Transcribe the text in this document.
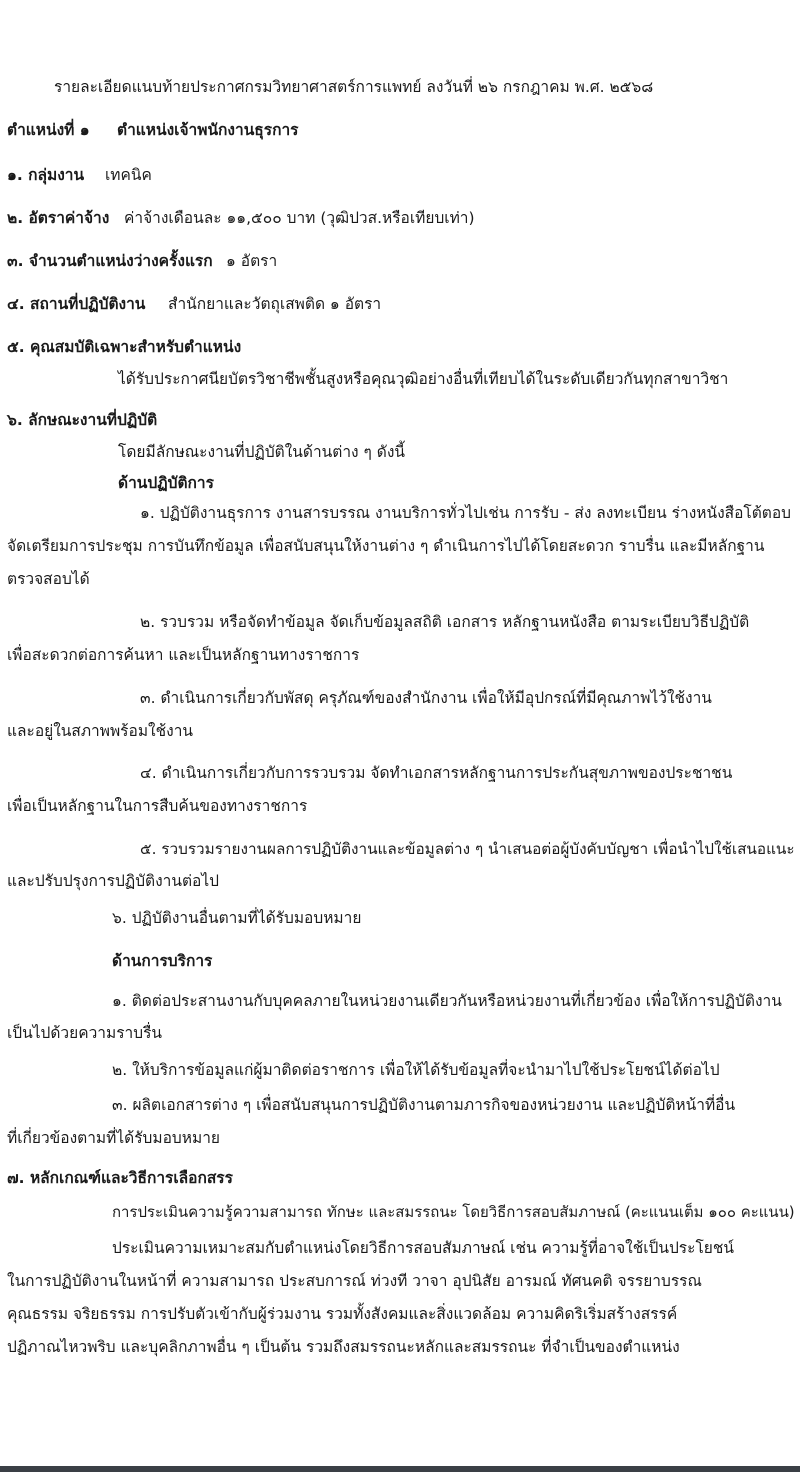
รายละเอียดแนบท้ายประกาศกรมวิทยาศาสตร์การแพทย์ ลงวันที่ ๒๖ กรกฎาคม พ.ศ. ๒๕๖๘
ตำแหน่งที่ ๑ ตำแหน่งเจ้าพนักงานธุรการ
๑. กลุ่มงาน เทคนิค
๒. อัตราค่าจ้าง ค่าจ้างเดือนละ ๑๑,๕๐๐ บาท (วุฒิปวส.หรือเทียบเท่า)
๓. จำนวนตำแหน่งว่างครั้งแรก ๑ อัตรา
๔. สถานที่ปฏิบัติงาน สำนักยาและวัตถุเสพติด ๑ อัตรา
๕. คุณสมบัติเฉพาะสำหรับตำแหน่ง
ได้รับประกาศนียบัตรวิชาชีพชั้นสูงหรือคุณวุฒิอย่างอื่นที่เทียบได้ในระดับเดียวกันทุกสาขาวิชา
๖. ลักษณะงานที่ปฏิบัติ
โดยมีลักษณะงานที่ปฏิบัติในด้านต่าง ๆ ดังนี้
ด้านปฏิบัติการ
๑. ปฏิบัติงานธุรการ งานสารบรรณ งานบริการทั่วไปเช่น การรับ - ส่ง ลงทะเบียน ร่างหนังสือโต้ตอบ
จัดเตรียมการประชุม การบันทึกข้อมูล เพื่อสนับสนุนให้งานต่าง ๆ ดำเนินการไปได้โดยสะดวก ราบรื่น และมีหลักฐาน
ตรวจสอบได้
๒. รวบรวม หรือจัดทำข้อมูล จัดเก็บข้อมูลสถิติ เอกสาร หลักฐานหนังสือ ตามระเบียบวิธีปฏิบัติ
เพื่อสะดวกต่อการค้นหา และเป็นหลักฐานทางราชการ
๓. ดำเนินการเกี่ยวกับพัสดุ ครุภัณฑ์ของสำนักงาน เพื่อให้มีอุปกรณ์ที่มีคุณภาพไว้ใช้งาน
และอยู่ในสภาพพร้อมใช้งาน
๔. ดำเนินการเกี่ยวกับการรวบรวม จัดทำเอกสารหลักฐานการประกันสุขภาพของประชาชน
เพื่อเป็นหลักฐานในการสืบค้นของทางราชการ
๕. รวบรวมรายงานผลการปฏิบัติงานและข้อมูลต่าง ๆ นำเสนอต่อผู้บังคับบัญชา เพื่อนำไปใช้เสนอแนะ
และปรับปรุงการปฏิบัติงานต่อไป
๖. ปฏิบัติงานอื่นตามที่ได้รับมอบหมาย
ด้านการบริการ
๑. ติดต่อประสานงานกับบุคคลภายในหน่วยงานเดียวกันหรือหน่วยงานที่เกี่ยวข้อง เพื่อให้การปฏิบัติงาน
เป็นไปด้วยความราบรื่น
๒. ให้บริการข้อมูลแก่ผู้มาติดต่อราชการ เพื่อให้ได้รับข้อมูลที่จะนำมาไปใช้ประโยชน์ได้ต่อไป
๓. ผลิตเอกสารต่าง ๆ เพื่อสนับสนุนการปฏิบัติงานตามภารกิจของหน่วยงาน และปฏิบัติหน้าที่อื่น
ที่เกี่ยวข้องตามที่ได้รับมอบหมาย
๗. หลักเกณฑ์และวิธีการเลือกสรร
การประเมินความรู้ความสามารถ ทักษะ และสมรรถนะ โดยวิธีการสอบสัมภาษณ์ (คะแนนเต็ม ๑๐๐ คะแนน)
ประเมินความเหมาะสมกับตำแหน่งโดยวิธีการสอบสัมภาษณ์ เช่น ความรู้ที่อาจใช้เป็นประโยชน์
ในการปฏิบัติงานในหน้าที่ ความสามารถ ประสบการณ์ ท่วงที วาจา อุปนิสัย อารมณ์ ทัศนคติ จรรยาบรรณ
คุณธรรม จริยธรรม การปรับตัวเข้ากับผู้ร่วมงาน รวมทั้งสังคมและสิ่งแวดล้อม ความคิดริเริ่มสร้างสรรค์
ปฏิภาณไหวพริบ และบุคลิกภาพอื่น ๆ เป็นต้น รวมถึงสมรรถนะหลักและสมรรถนะ ที่จำเป็นของตำแหน่ง
